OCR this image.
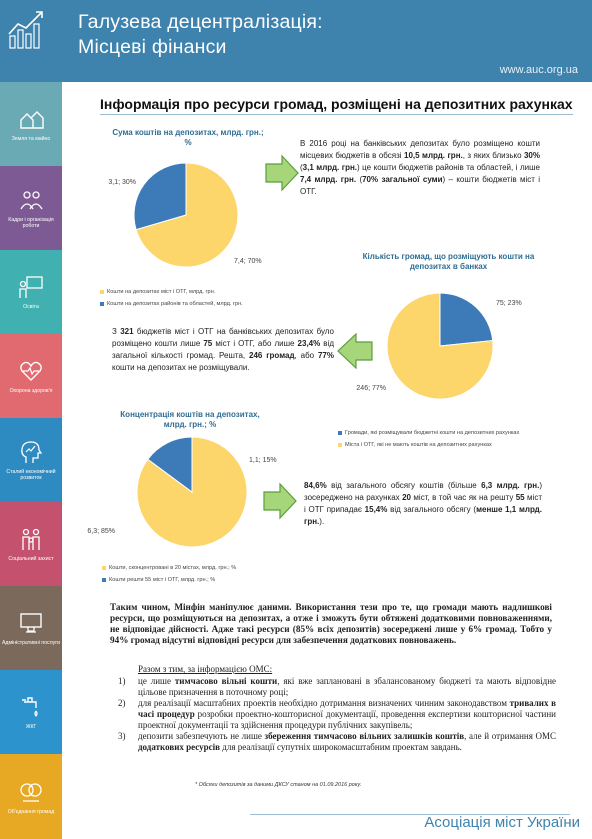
Галузева децентралізація:
Місцеві фінанси
www.auc.org.ua
Земля та майно
Кадри і організація роботи
Освіта
Охорона здоров'я
Сталий економічний розвиток
Соціальний захист
Адміністративні послуги
ЖКГ
Об'єднання громад
Інформація про ресурси громад, розміщені на депозитних рахунках
Сума коштів на депозитах, млрд. грн.; %
7,4; 70%
3,1; 30%
Кошти на депозитах міст і ОТГ, млрд. грн.
Кошти на депозитах районів та областей, млрд. грн.
В 2016 році на банківських депозитах було розміщено кошти місцевих бюджетів в обсязі 10,5 млрд. грн., з яких близько 30% (3,1 млрд. грн.) це кошти бюджетів районів та областей, і лише 7,4 млрд. грн. (70% загальної суми) – кошти бюджетів міст і ОТГ.
Кількість громад, що розміщують кошти на депозитах в банках
75; 23%
246; 77%
Громади, які розміщували бюджетні кошти на депозитних рахунках
Міста і ОТГ, які не мають коштів на депозитних рахунках
З 321 бюджетів міст і ОТГ на банківських депозитах було розміщено кошти лише 75 міст і ОТГ, або лише 23,4% від загальної кількості громад. Решта, 246 громад, або 77% кошти на депозитах не розміщували.
Концентрація коштів на депозитах, млрд. грн.; %
6,3; 85%
1,1; 15%
Кошти, сконцентровані в 20 містах, млрд. грн.; %
Кошти решти 55 міст і ОТГ, млрд. грн.; %
84,6% від загального обсягу коштів (більше 6,3 млрд. грн.) зосереджено на рахунках 20 міст, в той час як на решту 55 міст і ОТГ припадає 15,4% від загального обсягу (менше 1,1 млрд. грн.).
Таким чином, Мінфін маніпулює даними. Використання тези про те, що громади мають надлишкові ресурси, що розміщуються на депозитах, а отже і зможуть бути обтяжені додатковими повноваженнями, не відповідає дійсності. Адже такі ресурси (85% всіх депозитів) зосереджені лише у 6% громад. Тобто у 94% громад відсутні відповідні ресурси для забезпечення додаткових повноважень.
Разом з тим, за інформацією ОМС:
1)	це лише тимчасово вільні кошти, які вже заплановані в збалансованому бюджеті та мають відповідне цільове призначення в поточному році;
2)	для реалізації масштабних проектів необхідно дотримання визначених чинним законодавством тривалих в часі процедур розробки проектно-кошторисної документації, проведення експертизи кошторисної частини проектної документації та здійснення процедури публічних закупівель;
3)	депозити забезпечують не лише збереження тимчасово вільних залишків коштів, але й отримання ОМС додаткових ресурсів для реалізації супутніх широкомасштабним проектам завдань.
* Обсяги депозитів за даними ДКСУ станом на 01.09.2016 року.
Асоціація міст України
